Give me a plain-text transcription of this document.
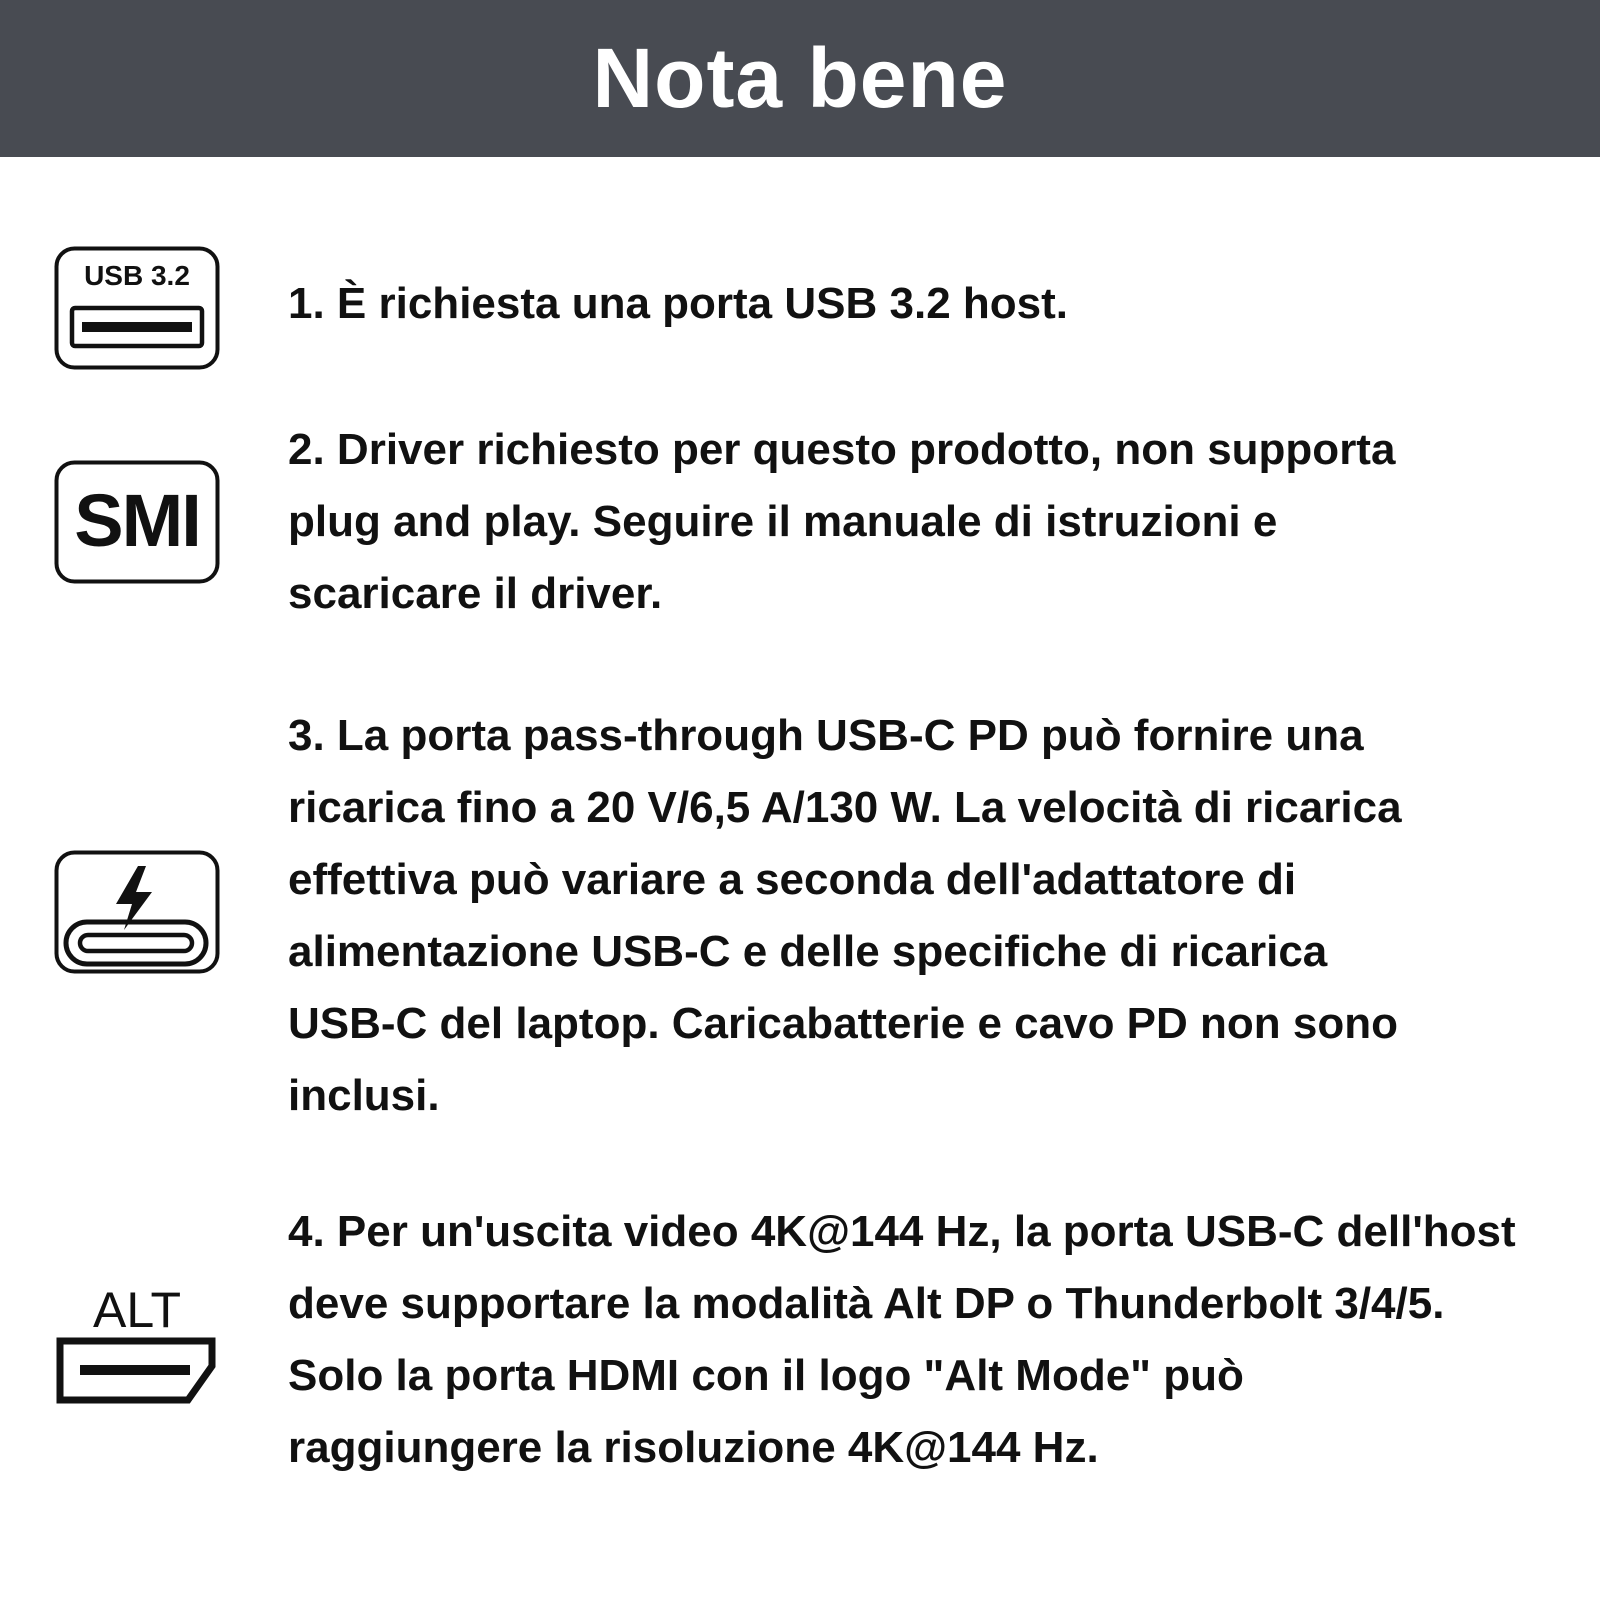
Nota bene
USB 3.2
1. È richiesta una porta USB 3.2 host.
SMI
2. Driver richiesto per questo prodotto, non supporta
plug and play. Seguire il manuale di istruzioni e
scaricare il driver.
3. La porta pass-through USB-C PD può fornire una
ricarica fino a 20 V/6,5 A/130 W. La velocità di ricarica
effettiva può variare a seconda dell'adattatore di
alimentazione USB-C e delle specifiche di ricarica
USB-C del laptop. Caricabatterie e cavo PD non sono
inclusi.
ALT
4. Per un'uscita video 4K@144 Hz, la porta USB-C dell'host
deve supportare la modalità Alt DP o Thunderbolt 3/4/5.
Solo la porta HDMI con il logo "Alt Mode" può
raggiungere la risoluzione 4K@144 Hz.
